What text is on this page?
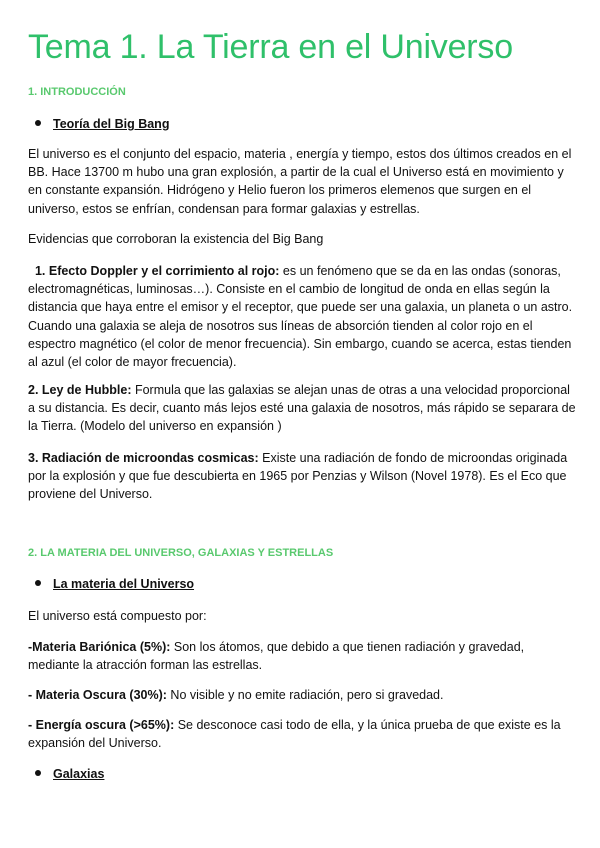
Tema 1. La Tierra en el Universo
1. INTRODUCCIÓN
Teoría del Big Bang

El universo es el conjunto del espacio, materia , energía y tiempo, estos dos últimos creados en el BB. Hace 13700 m hubo una gran explosión, a partir de la cual el Universo está en movimiento y en constante expansión. Hidrógeno y Helio fueron los primeros elemenos que surgen en el universo, estos se enfrían, condensan para formar galaxias y estrellas.

Evidencias que corroboran la existencia del Big Bang

1. Efecto Doppler y el corrimiento al rojo: es un fenómeno que se da en las ondas (sonoras, electromagnéticas, luminosas…). Consiste en el cambio de longitud de onda en ellas según la distancia que haya entre el emisor y el receptor, que puede ser una galaxia, un planeta o un astro. Cuando una galaxia se aleja de nosotros sus líneas de absorción tienden al color rojo en el espectro magnético (el color de menor frecuencia). Sin embargo, cuando se acerca, estas tienden al azul (el color de mayor frecuencia).

2. Ley de Hubble: Formula que las galaxias se alejan unas de otras a una velocidad proporcional a su distancia. Es decir, cuanto más lejos esté una galaxia de nosotros, más rápido se separara de la Tierra. (Modelo del universo en expansión )

3. Radiación de microondas cosmicas: Existe una radiación de fondo de microondas originada por la explosión y que fue descubierta en 1965 por Penzias y Wilson (Novel 1978). Es el Eco que proviene del Universo.

2. LA MATERIA DEL UNIVERSO, GALAXIAS Y ESTRELLAS
La materia del Universo

El universo está compuesto por:

-Materia Bariónica (5%): Son los átomos, que debido a que tienen radiación y gravedad, mediante la atracción forman las estrellas.

- Materia Oscura (30%): No visible y no emite radiación, pero si gravedad.

- Energía oscura (>65%): Se desconoce casi todo de ella, y la única prueba de que existe es la expansión del Universo.

Galaxias
